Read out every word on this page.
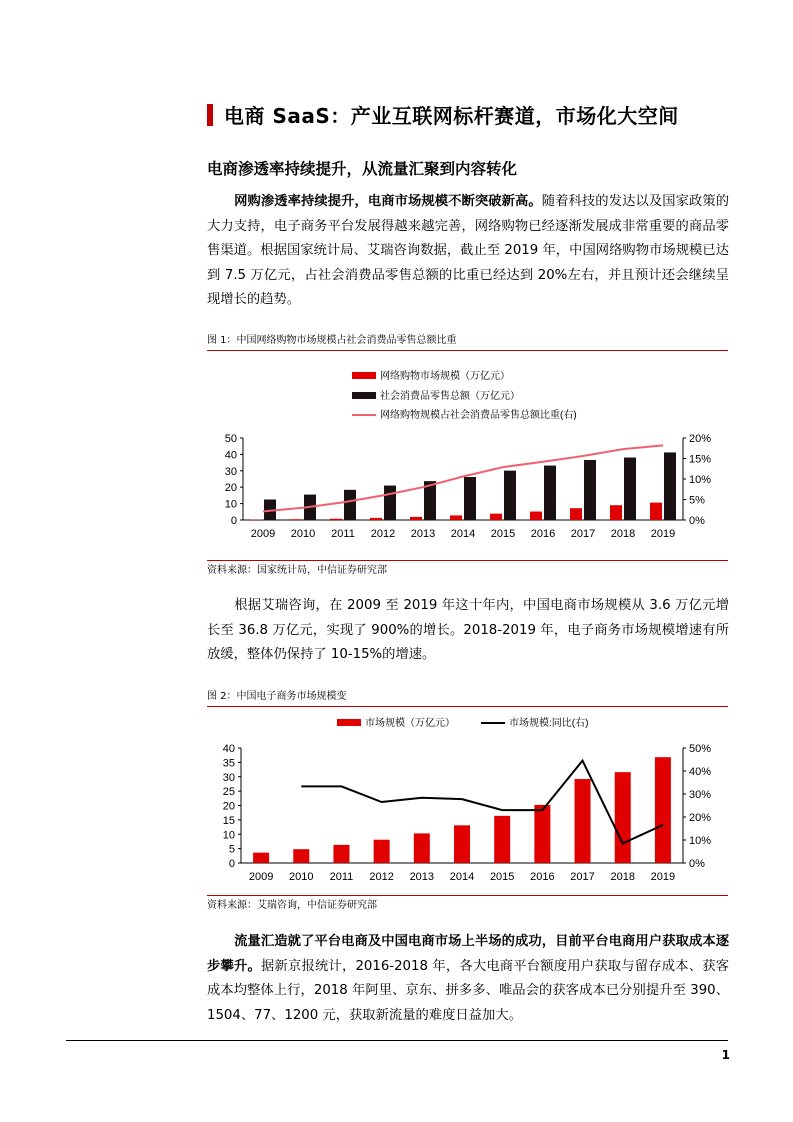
电商 SaaS：产业互联网标杆赛道，市场化大空间
电商渗透率持续提升，从流量汇聚到内容转化
网购渗透率持续提升，电商市场规模不断突破新高。随着科技的发达以及国家政策的大力支持，电子商务平台发展得越来越完善，网络购物已经逐渐发展成非常重要的商品零售渠道。根据国家统计局、艾瑞咨询数据，截止至 2019 年，中国网络购物市场规模已达到 7.5 万亿元，占社会消费品零售总额的比重已经达到 20%左右，并且预计还会继续呈现增长的趋势。
图 1：中国网络购物市场规模占社会消费品零售总额比重
0
10
20
30
40
50
0%
5%
10%
15%
20%
2009 2010 2011 2012 2013 2014 2015 2016 2017 2018 2019
网络购物市场规模（万亿元）
社会消费品零售总额（万亿元）
网络购物规模占社会消费品零售总额比重(右)
资料来源：国家统计局，中信证券研究部
根据艾瑞咨询，在 2009 至 2019 年这十年内，中国电商市场规模从 3.6 万亿元增长至 36.8 万亿元，实现了 900%的增长。2018-2019 年，电子商务市场规模增速有所放缓，整体仍保持了 10-15%的增速。
图 2：中国电子商务市场规模变
0
5
10
15
20
25
30
35
40
0%
10%
20%
30%
40%
50%
2009 2010 2011 2012 2013 2014 2015 2016 2017 2018 2019
市场规模（万亿元）	市场规模:同比(右)
资料来源：艾瑞咨询，中信证券研究部
流量汇造就了平台电商及中国电商市场上半场的成功，目前平台电商用户获取成本逐步攀升。据新京报统计，2016-2018 年，各大电商平台额度用户获取与留存成本、获客成本均整体上行，2018 年阿里、京东、拼多多、唯品会的获客成本已分别提升至 390、1504、77、1200 元，获取新流量的难度日益加大。
1
